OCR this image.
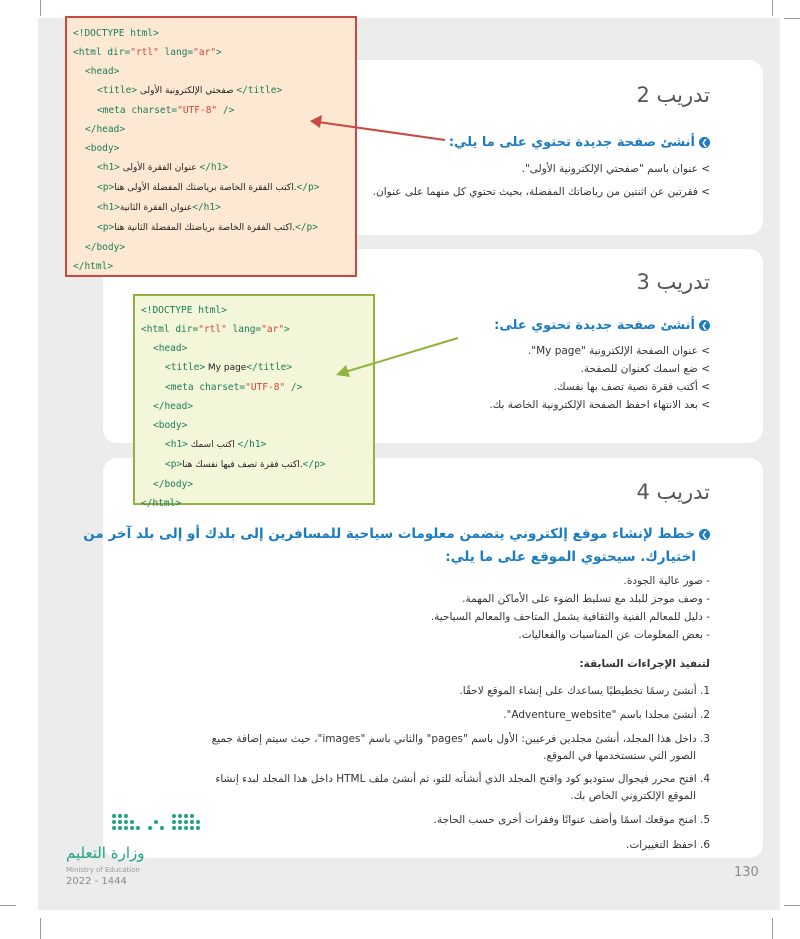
تدريب 2
❯أنشئ صفحة جديدة تحتوي على ما يلي:
> عنوان باسم "صفحتي الإلكترونية الأولى".
> فقرتين عن اثنتين من رياضاتك المفضلة، بحيث تحتوي كل منهما على عنوان.
تدريب 3
❯أنشئ صفحة جديدة تحتوي على:
> عنوان الصفحة الإلكترونية "My page".
> ضع اسمك كعنوان للصفحة.
> أكتب فقرة نصية تصف بها نفسك.
> بعد الانتهاء احفظ الصفحة الإلكترونية الخاصة بك.
تدريب 4
❯خطط لإنشاء موقع إلكتروني يتضمن معلومات سياحية للمسافرين إلى بلدك أو إلى بلد آخر من
اختيارك. سيحتوي الموقع على ما يلي:
- صور عالية الجودة.
- وصف موجز للبلد مع تسليط الضوء على الأماكن المهمة.
- دليل للمعالم الفنية والثقافية يشمل المتاحف والمعالم السياحية.
- بعض المعلومات عن المناسبات والفعاليات.
لتنفيذ الإجراءات السابقة:
1. أنشئ رسمًا تخطيطيًا يساعدك على إنشاء الموقع لاحقًا.
2. أنشئ مجلدا باسم "Adventure_website".
3. داخل هذا المجلد، أنشئ مجلدين فرعيين: الأول باسم "pages" والثاني باسم "images"، حيث سيتم إضافة جميع
الصور التي ستستخدمها في الموقع.
4. افتح محرر فيجوال ستوديو كود وافتح المجلد الذي أنشأته للتو، ثم أنشئ ملف HTML داخل هذا المجلد لبدء إنشاء
الموقع الإلكتروني الخاص بك.
5. امنح موقعك اسمًا وأضف عنوانًا وفقرات أخرى حسب الحاجة.
6. احفظ التغييرات.
<!DOCTYPE html>
<html dir="rtl" lang="ar">
<head>
<title> صفحتي الإلكترونية الأولى </title>
<meta charset="UTF-8" />
</head>
<body>
<h1> عنوان الفقرة الأولى </h1>
<p>اكتب الفقرة الخاصة برياضتك المفضلة الأولى هنا.</p>
<h1>عنوان الفقرة الثانية</h1>
<p>اكتب الفقرة الخاصة برياضتك المفضلة الثانية هنا.</p>
</body>
</html>
<!DOCTYPE html>
<html dir="rtl" lang="ar">
<head>
<title> My page</title>
<meta charset="UTF-8" />
</head>
<body>
<h1> اكتب اسمك </h1>
<p>اكتب فقرة تصف فيها نفسك هنا.</p>
</body>
</html>
وزارة التعليم
Ministry of Education
2022 - 1444
130
